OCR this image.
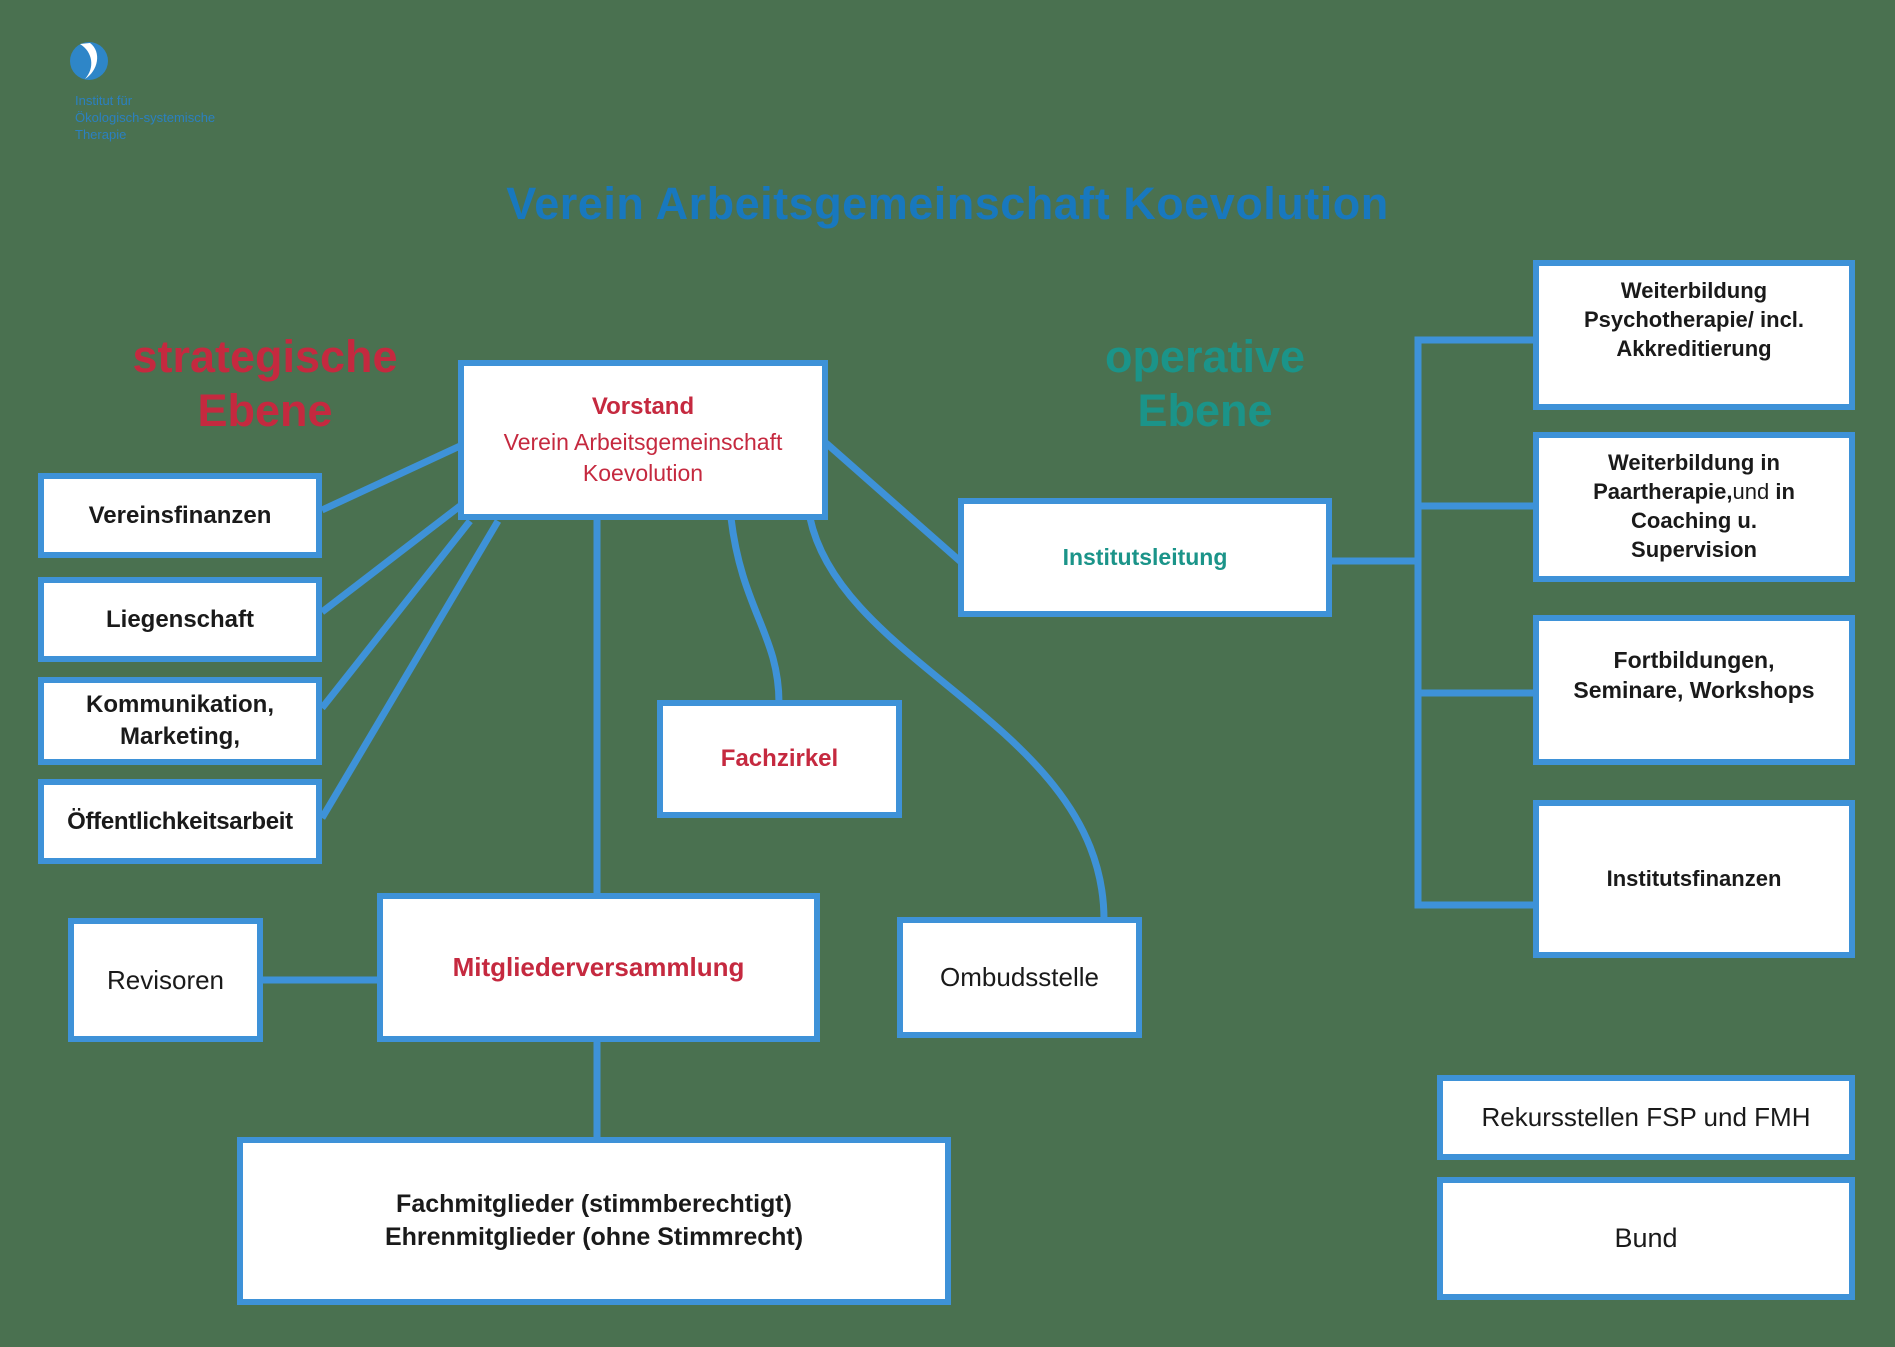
Institut für
Ökologisch-systemische
Therapie
Verein Arbeitsgemeinschaft Koevolution
strategische
Ebene
operative
Ebene
Vorstand
Verein Arbeitsgemeinschaft
Koevolution
Vereinsfinanzen
Liegenschaft
Kommunikation,
Marketing,
Öffentlichkeitsarbeit
Fachzirkel
Institutsleitung
Weiterbildung
Psychotherapie/ incl.
Akkreditierung
Weiterbildung in
Paartherapie,und in
Coaching u.
Supervision
Fortbildungen,
Seminare, Workshops
Institutsfinanzen
Revisoren	Mitgliederversammlung	Ombudsstelle
Fachmitglieder (stimmberechtigt)
Ehrenmitglieder (ohne Stimmrecht)
Rekursstellen FSP und FMH
Bund
